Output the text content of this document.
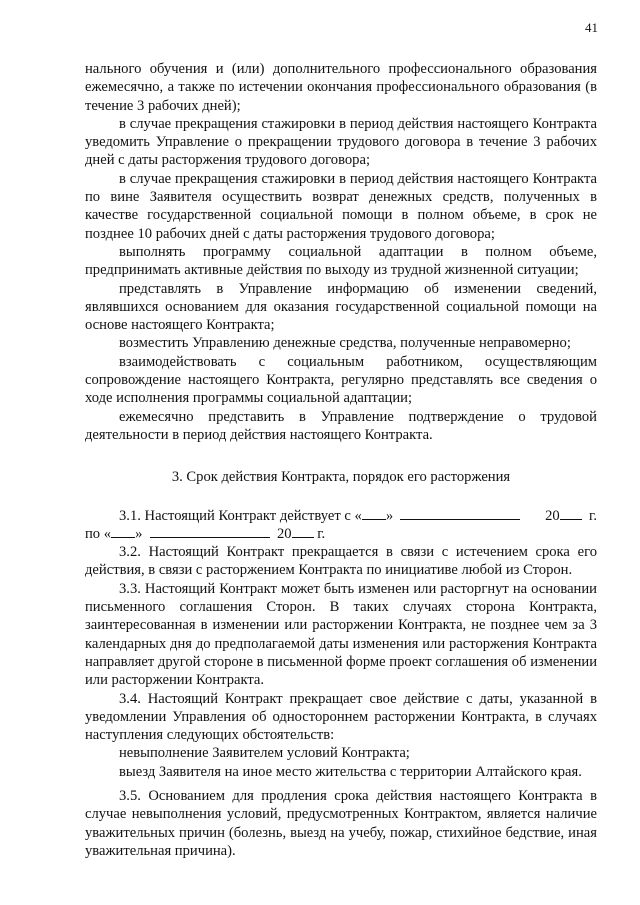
41

нального обучения и (или) дополнительного профессионального образования ежемесячно, а также по истечении окончания профессионального образования (в течение 3 рабочих дней);

в случае прекращения стажировки в период действия настоящего Контракта уведомить Управление о прекращении трудового договора в течение 3 рабочих дней с даты расторжения трудового договора;

в случае прекращения стажировки в период действия настоящего Контракта по вине Заявителя осуществить возврат денежных средств, полученных в качестве государственной социальной помощи в полном объеме, в срок не позднее 10 рабочих дней с даты расторжения трудового договора;

выполнять программу социальной адаптации в полном объеме, предпринимать активные действия по выходу из трудной жизненной ситуации;

представлять в Управление информацию об изменении сведений, являвшихся основанием для оказания государственной социальной помощи на основе настоящего Контракта;

возместить Управлению денежные средства, полученные неправомерно;

взаимодействовать с социальным работником, осуществляющим сопровождение настоящего Контракта, регулярно представлять все сведения о ходе исполнения программы социальной адаптации;

ежемесячно представить в Управление подтверждение о трудовой деятельности в период действия настоящего Контракта.

3. Срок действия Контракта, порядок его расторжения
3.1. Настоящий Контракт действует с « »	20 г.
по « »	20 г.

3.2. Настоящий Контракт прекращается в связи с истечением срока его действия, в связи с расторжением Контракта по инициативе любой из Сторон.

3.3. Настоящий Контракт может быть изменен или расторгнут на основании письменного соглашения Сторон. В таких случаях сторона Контракта, заинтересованная в изменении или расторжении Контракта, не позднее чем за 3 календарных дня до предполагаемой даты изменения или расторжения Контракта направляет другой стороне в письменной форме проект соглашения об изменении или расторжении Контракта.

3.4. Настоящий Контракт прекращает свое действие с даты, указанной в уведомлении Управления об одностороннем расторжении Контракта, в случаях наступления следующих обстоятельств:

невыполнение Заявителем условий Контракта;

выезд Заявителя на иное место жительства с территории Алтайского края.

3.5. Основанием для продления срока действия настоящего Контракта в случае невыполнения условий, предусмотренных Контрактом, является наличие уважительных причин (болезнь, выезд на учебу, пожар, стихийное бедствие, иная уважительная причина).
